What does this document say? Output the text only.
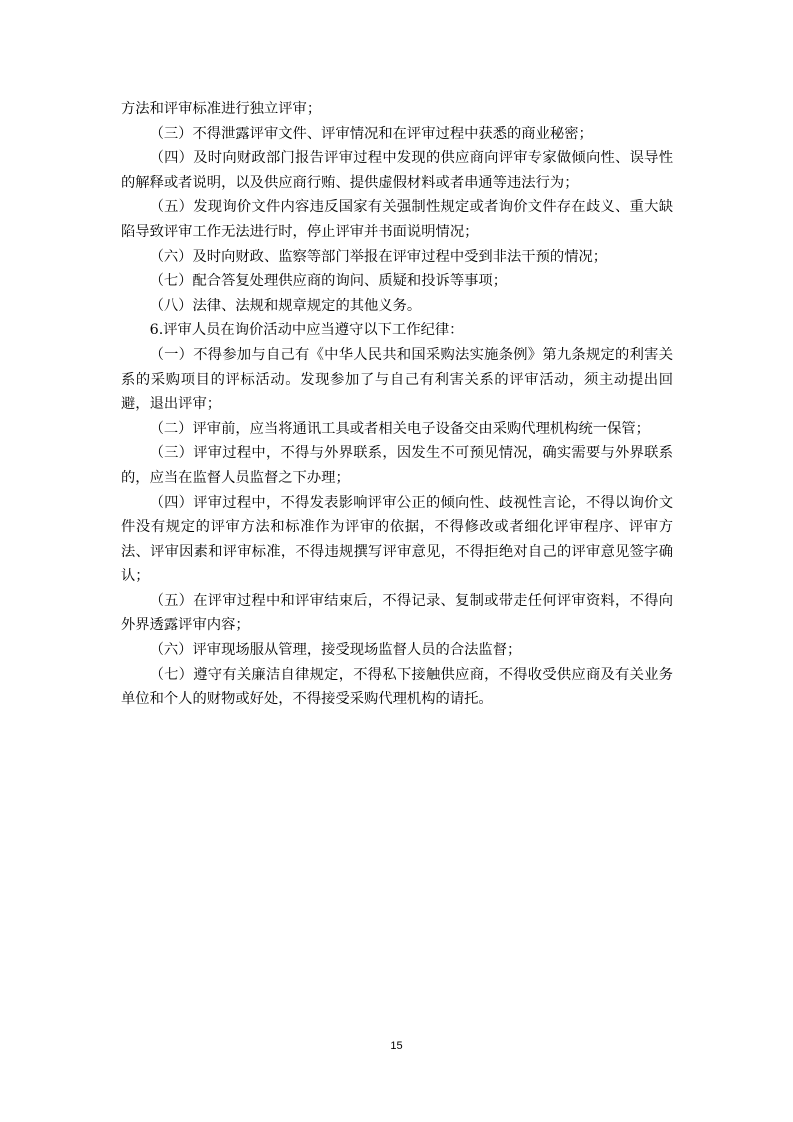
方法和评审标准进行独立评审；

（三）不得泄露评审文件、评审情况和在评审过程中获悉的商业秘密；

（四）及时向财政部门报告评审过程中发现的供应商向评审专家做倾向性、误导性的解释或者说明，以及供应商行贿、提供虚假材料或者串通等违法行为；

（五）发现询价文件内容违反国家有关强制性规定或者询价文件存在歧义、重大缺陷导致评审工作无法进行时，停止评审并书面说明情况；

（六）及时向财政、监察等部门举报在评审过程中受到非法干预的情况；

（七）配合答复处理供应商的询问、质疑和投诉等事项；

（八）法律、法规和规章规定的其他义务。

6.评审人员在询价活动中应当遵守以下工作纪律：

（一）不得参加与自己有《中华人民共和国采购法实施条例》第九条规定的利害关系的采购项目的评标活动。发现参加了与自己有利害关系的评审活动，须主动提出回避，退出评审；

（二）评审前，应当将通讯工具或者相关电子设备交由采购代理机构统一保管；

（三）评审过程中，不得与外界联系，因发生不可预见情况，确实需要与外界联系的，应当在监督人员监督之下办理；

（四）评审过程中，不得发表影响评审公正的倾向性、歧视性言论，不得以询价文件没有规定的评审方法和标准作为评审的依据，不得修改或者细化评审程序、评审方法、评审因素和评审标准，不得违规撰写评审意见，不得拒绝对自己的评审意见签字确认；

（五）在评审过程中和评审结束后，不得记录、复制或带走任何评审资料，不得向外界透露评审内容；

（六）评审现场服从管理，接受现场监督人员的合法监督；

（七）遵守有关廉洁自律规定，不得私下接触供应商，不得收受供应商及有关业务单位和个人的财物或好处，不得接受采购代理机构的请托。

15
